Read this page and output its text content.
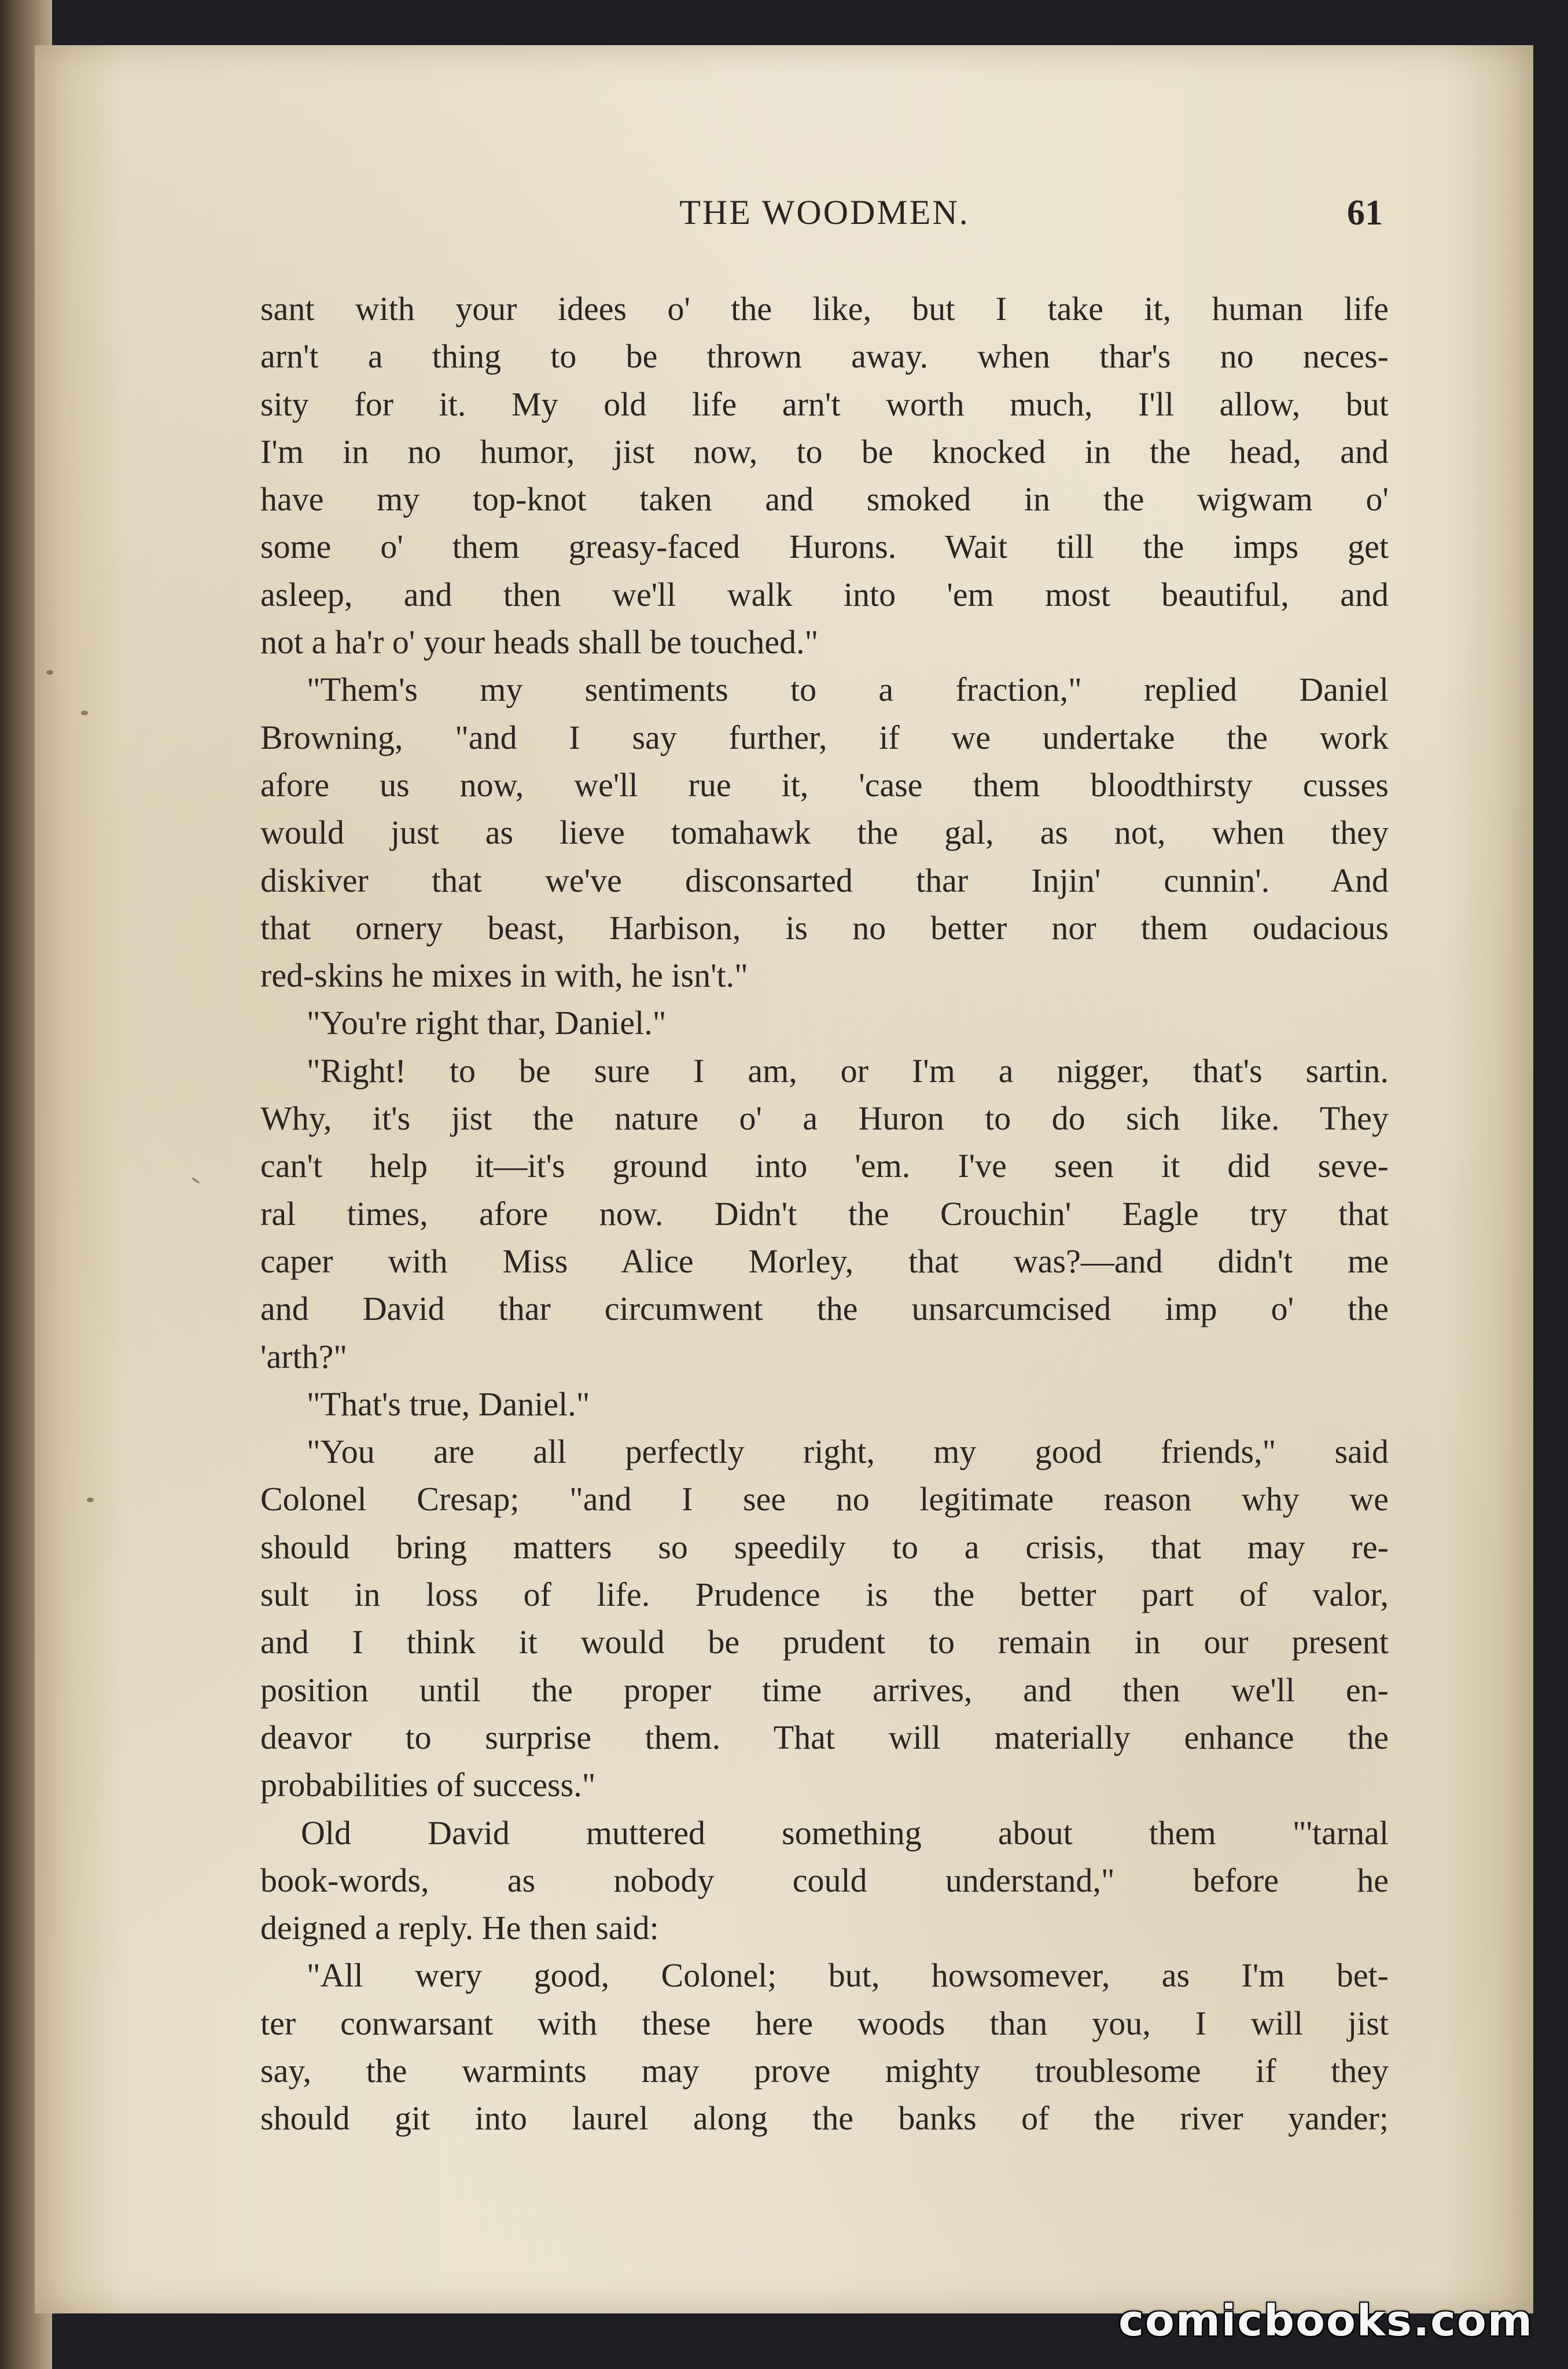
THE WOODMEN.	61
sant with your idees o' the like, but I take it, human life
arn't a thing to be thrown away. when thar's no neces-
sity for it. My old life arn't worth much, I'll allow, but
I'm in no humor, jist now, to be knocked in the head, and
have my top-knot taken and smoked in the wigwam o'
some o' them greasy-faced Hurons. Wait till the imps get
asleep, and then we'll walk into 'em most beautiful, and
not a ha'r o' your heads shall be touched."
"Them's my sentiments to a fraction," replied Daniel
Browning, "and I say further, if we undertake the work
afore us now, we'll rue it, 'case them bloodthirsty cusses
would just as lieve tomahawk the gal, as not, when they
diskiver that we've disconsarted thar Injin' cunnin'. And
that ornery beast, Harbison, is no better nor them oudacious
red-skins he mixes in with, he isn't."
"You're right thar, Daniel."
"Right! to be sure I am, or I'm a nigger, that's sartin.
Why, it's jist the nature o' a Huron to do sich like. They
can't help it—it's ground into 'em. I've seen it did seve-
ral times, afore now. Didn't the Crouchin' Eagle try that
caper with Miss Alice Morley, that was?—and didn't me
and David thar circumwent the unsarcumcised imp o' the
'arth?"
"That's true, Daniel."
"You are all perfectly right, my good friends," said
Colonel Cresap; "and I see no legitimate reason why we
should bring matters so speedily to a crisis, that may re-
sult in loss of life. Prudence is the better part of valor,
and I think it would be prudent to remain in our present
position until the proper time arrives, and then we'll en-
deavor to surprise them. That will materially enhance the
probabilities of success."
Old David muttered something about them "'tarnal
book-words, as nobody could understand," before he
deigned a reply. He then said:
"All wery good, Colonel; but, howsomever, as I'm bet-
ter conwarsant with these here woods than you, I will jist
say, the warmints may prove mighty troublesome if they
should git into laurel along the banks of the river yander;
comicbooks.com
